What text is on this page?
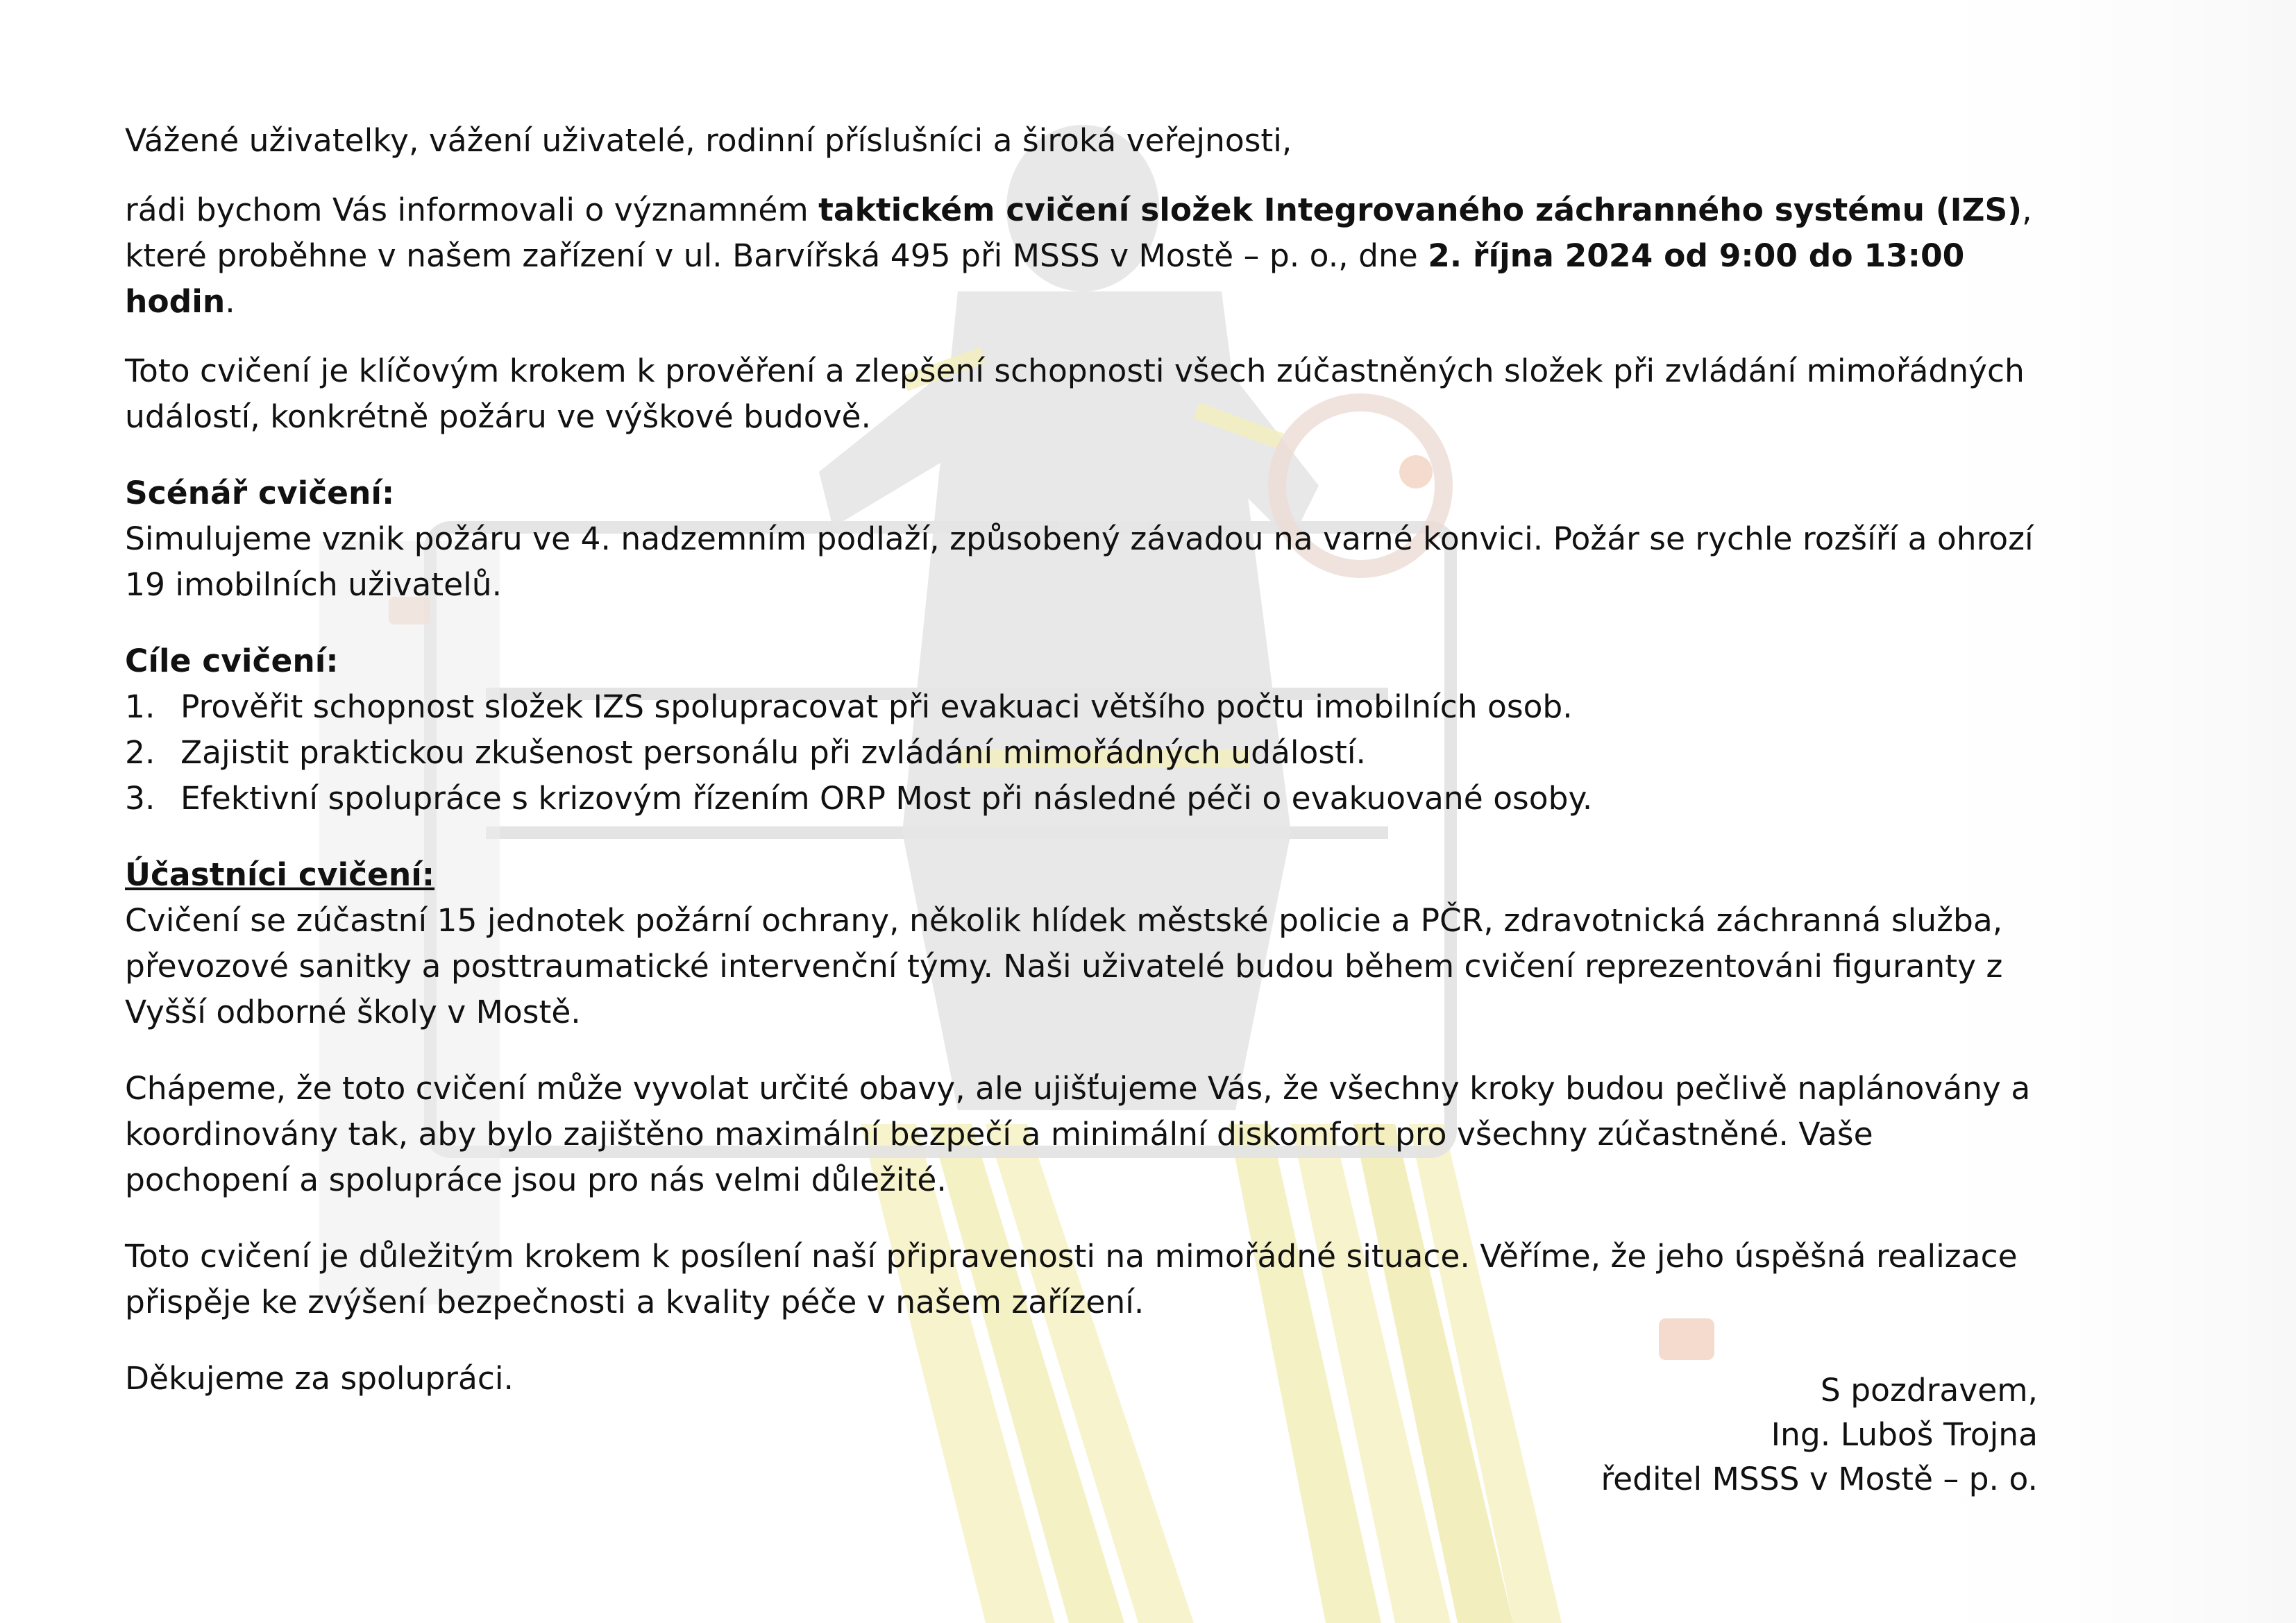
Vážené uživatelky, vážení uživatelé, rodinní příslušníci a široká veřejnosti,

rádi bychom Vás informovali o významném taktickém cvičení složek Integrovaného záchranného systému (IZS), které proběhne v našem zařízení v ul. Barvířská 495 při MSSS v Mostě – p. o., dne 2. října 2024 od 9:00 do 13:00 hodin.

Toto cvičení je klíčovým krokem k prověření a zlepšení schopnosti všech zúčastněných složek při zvládání mimořádných událostí, konkrétně požáru ve výškové budově.

Scénář cvičení:
Simulujeme vznik požáru ve 4. nadzemním podlaží, způsobený závadou na varné konvici. Požár se rychle rozšíří a ohrozí 19 imobilních uživatelů.

Cíle cvičení:
1. Prověřit schopnost složek IZS spolupracovat při evakuaci většího počtu imobilních osob.
2. Zajistit praktickou zkušenost personálu při zvládání mimořádných událostí.
3. Efektivní spolupráce s krizovým řízením ORP Most při následné péči o evakuované osoby.

Účastníci cvičení:
Cvičení se zúčastní 15 jednotek požární ochrany, několik hlídek městské policie a PČR, zdravotnická záchranná služba, převozové sanitky a posttraumatické intervenční týmy. Naši uživatelé budou během cvičení reprezentováni figuranty z Vyšší odborné školy v Mostě.

Chápeme, že toto cvičení může vyvolat určité obavy, ale ujišťujeme Vás, že všechny kroky budou pečlivě naplánovány a koordinovány tak, aby bylo zajištěno maximální bezpečí a minimální diskomfort pro všechny zúčastněné. Vaše pochopení a spolupráce jsou pro nás velmi důležité.

Toto cvičení je důležitým krokem k posílení naší připravenosti na mimořádné situace. Věříme, že jeho úspěšná realizace přispěje ke zvýšení bezpečnosti a kvality péče v našem zařízení.

Děkujeme za spolupráci.	S pozdravem,
Ing. Luboš Trojna
ředitel MSSS v Mostě – p. o.
